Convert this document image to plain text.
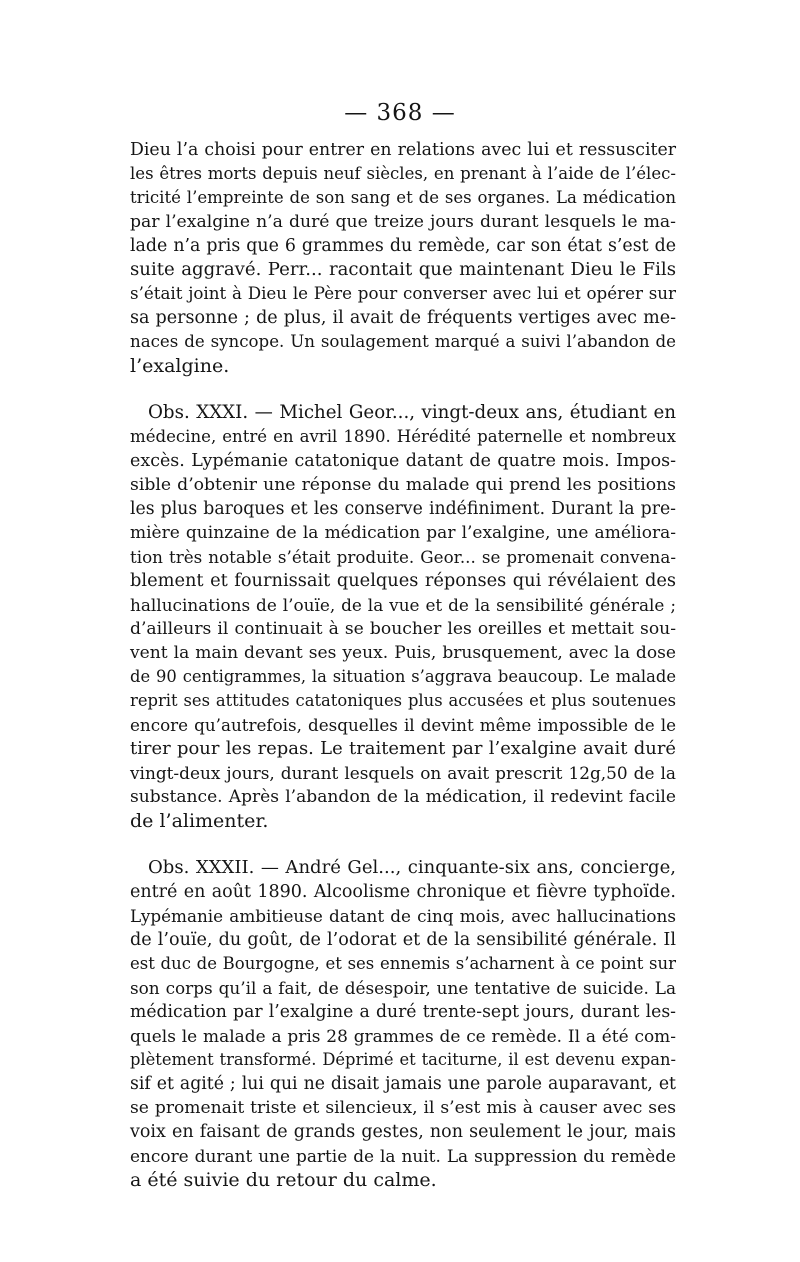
— 368 —
Dieu l’a choisi pour entrer en relations avec lui et ressusciter
les êtres morts depuis neuf siècles, en prenant à l’aide de l’élec-
tricité l’empreinte de son sang et de ses organes. La médication
par l’exalgine n’a duré que treize jours durant lesquels le ma-
lade n’a pris que 6 grammes du remède, car son état s’est de
suite aggravé. Perr... racontait que maintenant Dieu le Fils
s’était joint à Dieu le Père pour converser avec lui et opérer sur
sa personne ; de plus, il avait de fréquents vertiges avec me-
naces de syncope. Un soulagement marqué a suivi l’abandon de
l’exalgine.
Obs. XXXI. — Michel Geor..., vingt-deux ans, étudiant en
médecine, entré en avril 1890. Hérédité paternelle et nombreux
excès. Lypémanie catatonique datant de quatre mois. Impos-
sible d’obtenir une réponse du malade qui prend les positions
les plus baroques et les conserve indéfiniment. Durant la pre-
mière quinzaine de la médication par l’exalgine, une améliora-
tion très notable s’était produite. Geor... se promenait convena-
blement et fournissait quelques réponses qui révélaient des
hallucinations de l’ouïe, de la vue et de la sensibilité générale ;
d’ailleurs il continuait à se boucher les oreilles et mettait sou-
vent la main devant ses yeux. Puis, brusquement, avec la dose
de 90 centigrammes, la situation s’aggrava beaucoup. Le malade
reprit ses attitudes catatoniques plus accusées et plus soutenues
encore qu’autrefois, desquelles il devint même impossible de le
tirer pour les repas. Le traitement par l’exalgine avait duré
vingt-deux jours, durant lesquels on avait prescrit 12g,50 de la
substance. Après l’abandon de la médication, il redevint facile
de l’alimenter.
Obs. XXXII. — André Gel..., cinquante-six ans, concierge,
entré en août 1890. Alcoolisme chronique et fièvre typhoïde.
Lypémanie ambitieuse datant de cinq mois, avec hallucinations
de l’ouïe, du goût, de l’odorat et de la sensibilité générale. Il
est duc de Bourgogne, et ses ennemis s’acharnent à ce point sur
son corps qu’il a fait, de désespoir, une tentative de suicide. La
médication par l’exalgine a duré trente-sept jours, durant les-
quels le malade a pris 28 grammes de ce remède. Il a été com-
plètement transformé. Déprimé et taciturne, il est devenu expan-
sif et agité ; lui qui ne disait jamais une parole auparavant, et
se promenait triste et silencieux, il s’est mis à causer avec ses
voix en faisant de grands gestes, non seulement le jour, mais
encore durant une partie de la nuit. La suppression du remède
a été suivie du retour du calme.
